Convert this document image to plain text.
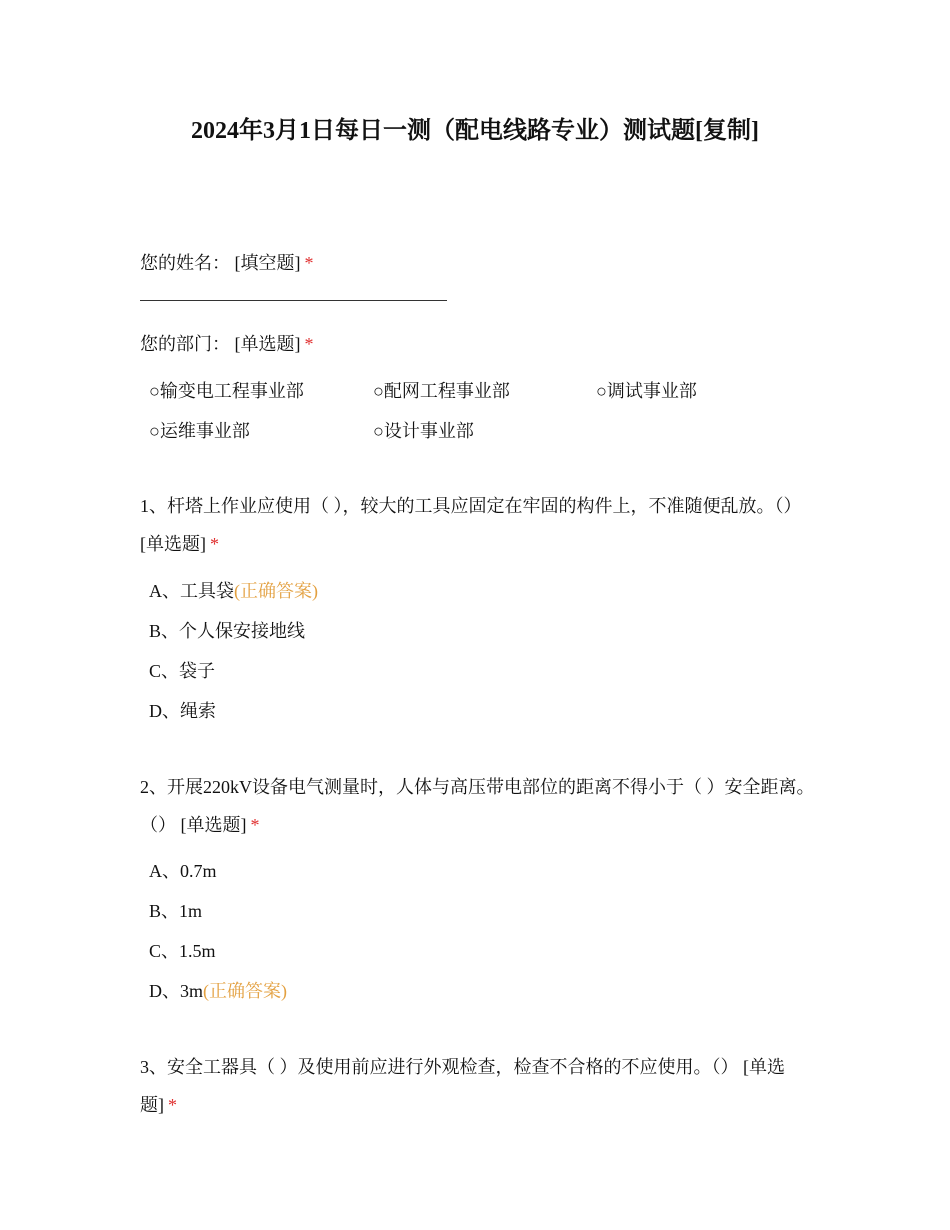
2024年3月1日每日一测（配电线路专业）测试题[复制]
您的姓名： [填空题] *
您的部门： [单选题] *
○输变电工程事业部	○配网工程事业部	○调试事业部
○运维事业部	○设计事业部
1、杆塔上作业应使用（ ），较大的工具应固定在牢固的构件上，不准随便乱放。（） [单选题] *
A、工具袋(正确答案)
B、个人保安接地线
C、袋子
D、绳索
2、开展220kV设备电气测量时，人体与高压带电部位的距离不得小于（ ）安全距离。（） [单选题] *
A、0.7m
B、1m
C、1.5m
D、3m(正确答案)
3、安全工器具（ ）及使用前应进行外观检查，检查不合格的不应使用。（） [单选题] *
